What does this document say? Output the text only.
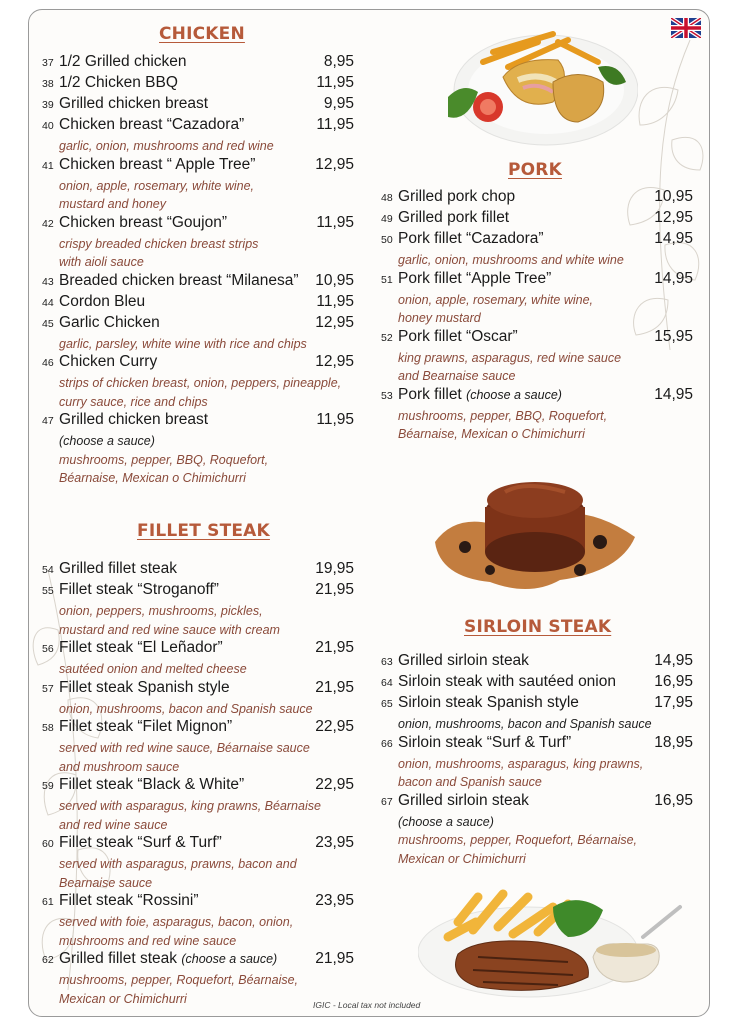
CHICKEN
37 1/2 Grilled chicken	8,95
38 1/2 Chicken BBQ	11,95
39 Grilled chicken breast	9,95
40 Chicken breast “Cazadora”	11,95
garlic, onion, mushrooms and red wine
41 Chicken breast “ Apple Tree”	12,95
onion, apple, rosemary, white wine,
mustard and honey
42 Chicken breast “Goujon”	11,95
crispy breaded chicken breast strips
with aioli sauce
43 Breaded chicken breast “Milanesa”	10,95
44 Cordon Bleu	11,95
45 Garlic Chicken	12,95
garlic, parsley, white wine with rice and chips
46 Chicken Curry	12,95
strips of chicken breast, onion, peppers, pineapple,
curry sauce, rice and chips
47 Grilled chicken breast	11,95
(choose a sauce)
mushrooms, pepper, BBQ, Roquefort,
Béarnaise, Mexican o Chimichurri
FILLET STEAK
54 Grilled fillet steak	19,95
55 Fillet steak “Stroganoff”	21,95
onion, peppers, mushrooms, pickles,
mustard and red wine sauce with cream
56 Fillet steak “El Leñador”	21,95
sautéed onion and melted cheese
57 Fillet steak Spanish style	21,95
onion, mushrooms, bacon and Spanish sauce
58 Fillet steak “Filet Mignon”	22,95
served with red wine sauce, Béarnaise sauce
and mushroom sauce
59 Fillet steak “Black & White”	22,95
served with asparagus, king prawns, Béarnaise
and red wine sauce
60 Fillet steak “Surf & Turf”	23,95
served with asparagus, prawns, bacon and
Bearnaise sauce
61 Fillet steak “Rossini”	23,95
served with foie, asparagus, bacon, onion,
mushrooms and red wine sauce
62 Grilled fillet steak (choose a sauce)	21,95
mushrooms, pepper, Roquefort, Béarnaise,
Mexican or Chimichurri
PORK
48 Grilled pork chop	10,95
49 Grilled pork fillet	12,95
50 Pork fillet “Cazadora”	14,95
garlic, onion, mushrooms and white wine
51 Pork fillet “Apple Tree”	14,95
onion, apple, rosemary, white wine,
honey mustard
52 Pork fillet “Oscar”	15,95
king prawns, asparagus, red wine sauce
and Bearnaise sauce
53 Pork fillet (choose a sauce)	14,95
mushrooms, pepper, BBQ, Roquefort,
Béarnaise, Mexican o Chimichurri
SIRLOIN STEAK
63 Grilled sirloin steak	14,95
64 Sirloin steak with sautéed onion	16,95
65 Sirloin steak Spanish style	17,95
onion, mushrooms, bacon and Spanish sauce
66 Sirloin steak “Surf & Turf”	18,95
onion, mushrooms, asparagus, king prawns,
bacon and Spanish sauce
67 Grilled sirloin steak	16,95
(choose a sauce)
mushrooms, pepper, Roquefort, Béarnaise,
Mexican or Chimichurri
IGIC - Local tax not included
